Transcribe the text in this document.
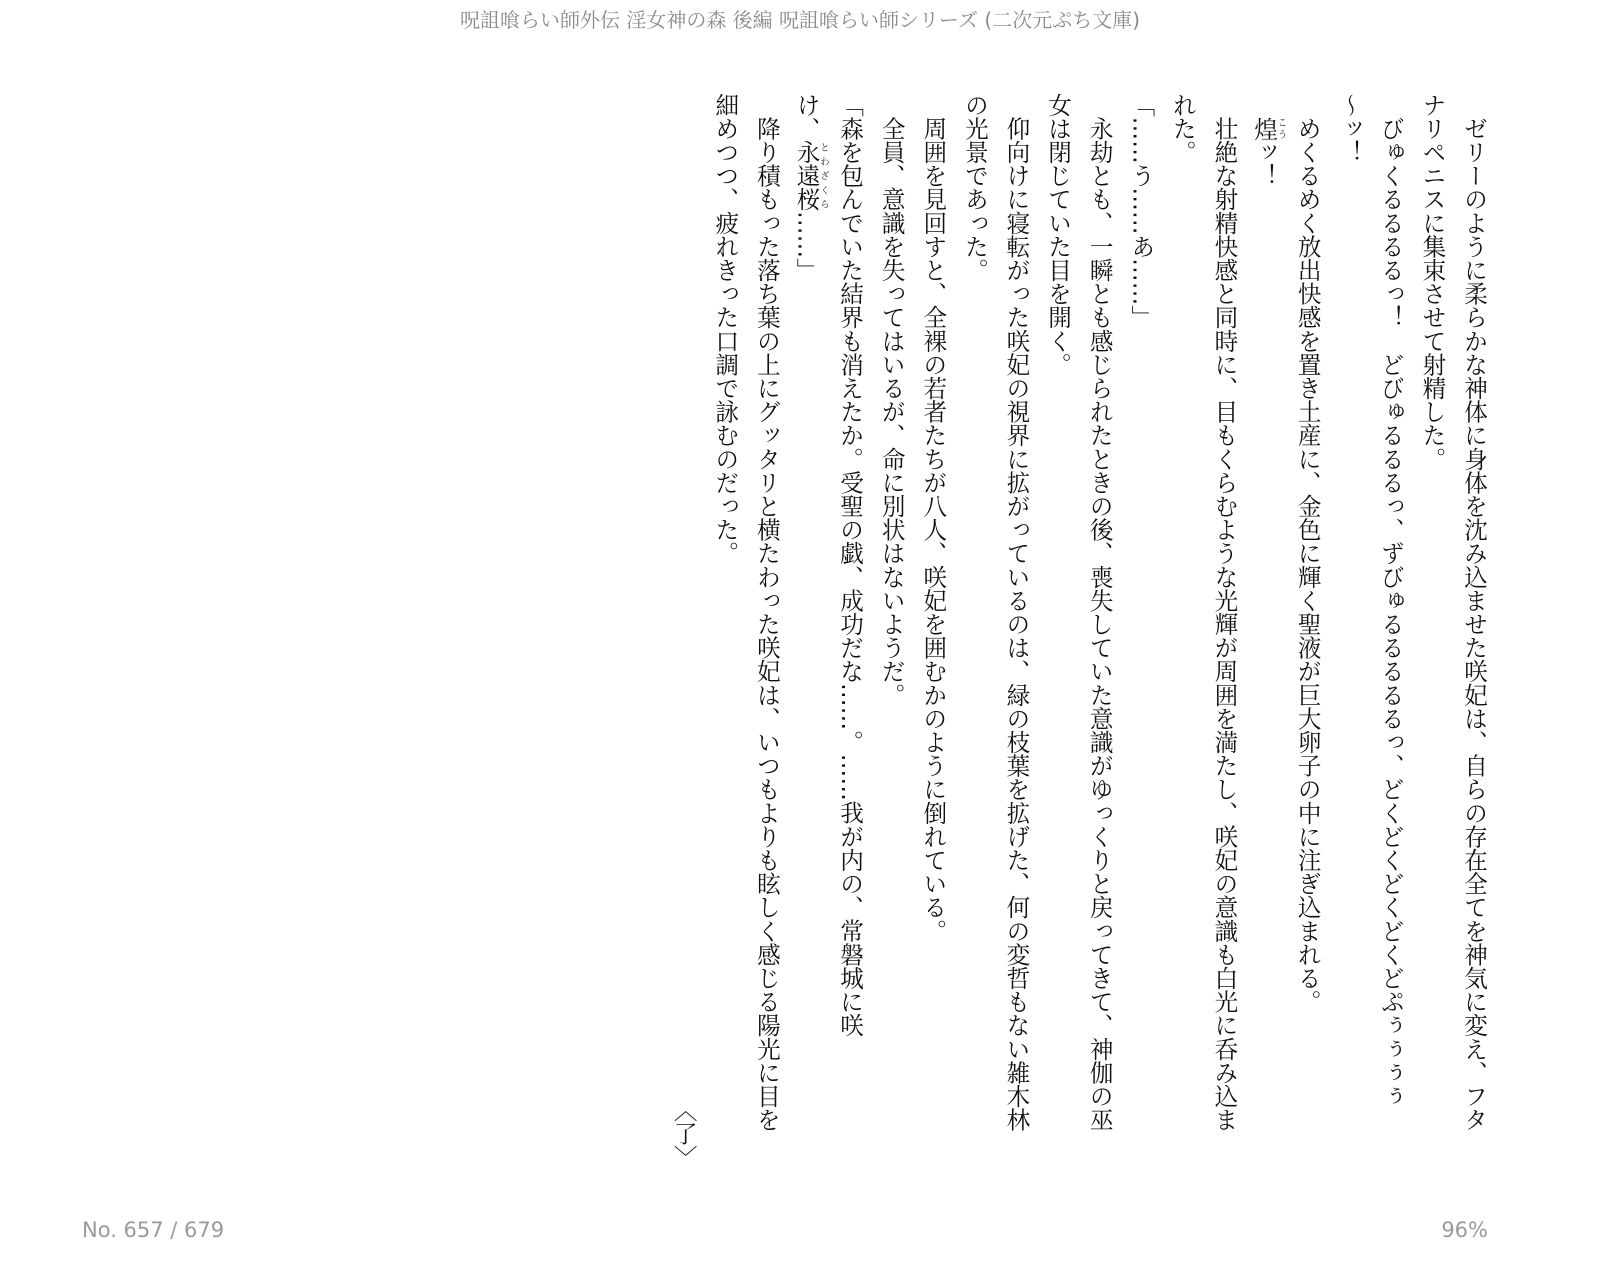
呪詛喰らい師外伝 淫女神の森 後編 呪詛喰らい師シリーズ (二次元ぷち文庫)
　ゼリーのように柔らかな神体に身体を沈み込ませた咲妃は、自らの存在全てを神気に変え、フタ
ナリペニスに集束させて射精した。
　びゅくるるるるっ！　どびゅるるるっ、ずびゅるるるるるっ、どくどくどくどくどぷぅぅぅぅ
～ッ！
　めくるめく放出快感を置き土産に、金色に輝く聖液が巨大卵子の中に注ぎ込まれる。
　煌こうッ！
　壮絶な射精快感と同時に、目もくらむような光輝が周囲を満たし、咲妃の意識も白光に呑み込ま
れた。
「……う……あ……」
　永劫とも、一瞬とも感じられたときの後、喪失していた意識がゆっくりと戻ってきて、神伽の巫
女は閉じていた目を開く。
　仰向けに寝転がった咲妃の視界に拡がっているのは、緑の枝葉を拡げた、何の変哲もない雑木林
の光景であった。
　周囲を見回すと、全裸の若者たちが八人、咲妃を囲むかのように倒れている。
　全員、意識を失ってはいるが、命に別状はないようだ。
「森を包んでいた結界も消えたか。受聖の戯、成功だな……。……我が内の、常磐城に咲
け、永遠桜とわざくら……」
　降り積もった落ち葉の上にグッタリと横たわった咲妃は、いつもよりも眩しく感じる陽光に目を
細めつつ、疲れきった口調で詠むのだった。
〈了〉
No. 657 / 679	96%
